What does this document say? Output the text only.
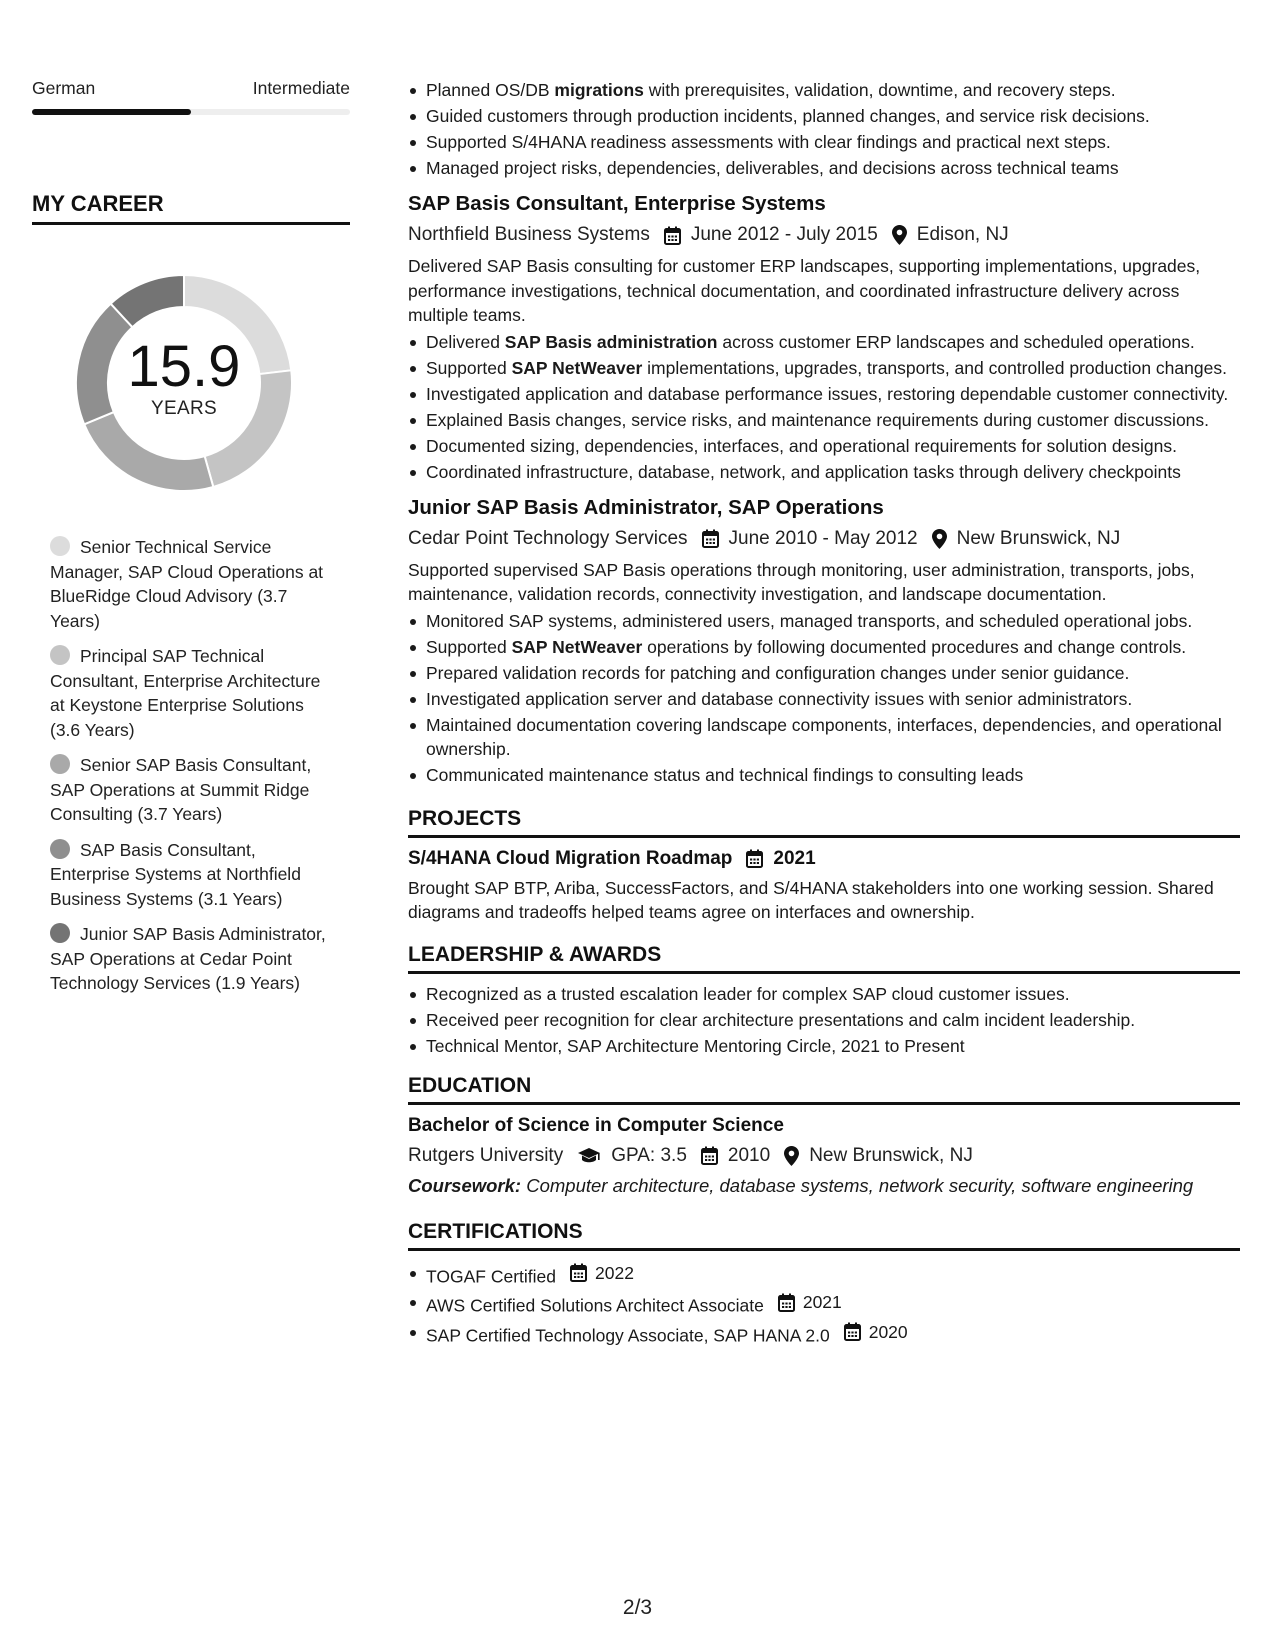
German	Intermediate
MY CAREER
15.9
YEARS
Senior Technical Service Manager, SAP Cloud Operations at BlueRidge Cloud Advisory (3.7 Years)
Principal SAP Technical Consultant, Enterprise Architecture at Keystone Enterprise Solutions (3.6 Years)
Senior SAP Basis Consultant, SAP Operations at Summit Ridge Consulting (3.7 Years)
SAP Basis Consultant, Enterprise Systems at Northfield Business Systems (3.1 Years)
Junior SAP Basis Administrator, SAP Operations at Cedar Point Technology Services (1.9 Years)
Planned OS/DB migrations with prerequisites, validation, downtime, and recovery steps.
Guided customers through production incidents, planned changes, and service risk decisions.
Supported S/4HANA readiness assessments with clear findings and practical next steps.
Managed project risks, dependencies, deliverables, and decisions across technical teams
SAP Basis Consultant, Enterprise Systems
Northfield Business Systems June 2012 - July 2015 Edison, NJ
Delivered SAP Basis consulting for customer ERP landscapes, supporting implementations, upgrades, performance investigations, technical documentation, and coordinated infrastructure delivery across multiple teams.
Delivered SAP Basis administration across customer ERP landscapes and scheduled operations.
Supported SAP NetWeaver implementations, upgrades, transports, and controlled production changes.
Investigated application and database performance issues, restoring dependable customer connectivity.
Explained Basis changes, service risks, and maintenance requirements during customer discussions.
Documented sizing, dependencies, interfaces, and operational requirements for solution designs.
Coordinated infrastructure, database, network, and application tasks through delivery checkpoints
Junior SAP Basis Administrator, SAP Operations
Cedar Point Technology Services June 2010 - May 2012 New Brunswick, NJ
Supported supervised SAP Basis operations through monitoring, user administration, transports, jobs, maintenance, validation records, connectivity investigation, and landscape documentation.
Monitored SAP systems, administered users, managed transports, and scheduled operational jobs.
Supported SAP NetWeaver operations by following documented procedures and change controls.
Prepared validation records for patching and configuration changes under senior guidance.
Investigated application server and database connectivity issues with senior administrators.
Maintained documentation covering landscape components, interfaces, dependencies, and operational ownership.
Communicated maintenance status and technical findings to consulting leads
PROJECTS
S/4HANA Cloud Migration Roadmap 2021
Brought SAP BTP, Ariba, SuccessFactors, and S/4HANA stakeholders into one working session. Shared diagrams and tradeoffs helped teams agree on interfaces and ownership.
LEADERSHIP & AWARDS
Recognized as a trusted escalation leader for complex SAP cloud customer issues.
Received peer recognition for clear architecture presentations and calm incident leadership.
Technical Mentor, SAP Architecture Mentoring Circle, 2021 to Present
EDUCATION
Bachelor of Science in Computer Science
Rutgers University	GPA: 3.5 2010 New Brunswick, NJ
Coursework: Computer architecture, database systems, network security, software engineering
CERTIFICATIONS
TOGAF Certified 2022
AWS Certified Solutions Architect Associate 2021
SAP Certified Technology Associate, SAP HANA 2.0 2020
2/3
